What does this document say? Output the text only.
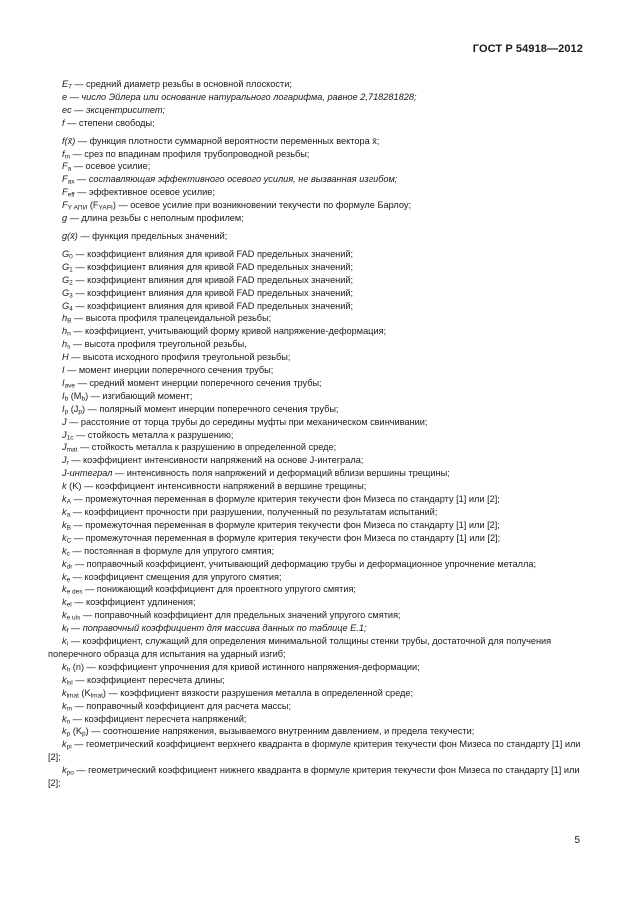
ГОСТ Р 54918—2012
$E_7$ — средний диаметр резьбы в основной плоскости;
e — число Эйлера или основание натурального логарифма, равное 2,718281828;
ec — эксцентриситет;
f — степени свободы;
f(x̄) — функция плотности суммарной вероятности переменных вектора x̄;
$f_m$ — срез по впадинам профиля трубопроводной резьбы;
$F_a$ — осевое усилие;
$F_{ax}$ — составляющая эффективного осевого усилия, не вызванная изгибом;
$F_{eff}$ — эффективное осевое усилие;
$F_{Y АПИ}$ $(F_{YAPI})$ — осевое усилие при возникновении текучести по формуле Барлоу;
g — длина резьбы с неполным профилем;
g(x̄) — функция предельных значений;
$G_0$ — коэффициент влияния для кривой FAD предельных значений;
$G_1$ — коэффициент влияния для кривой FAD предельных значений;
$G_2$ — коэффициент влияния для кривой FAD предельных значений;
$G_3$ — коэффициент влияния для кривой FAD предельных значений;
$G_4$ — коэффициент влияния для кривой FAD предельных значений;
$h_B$ — высота профиля трапецеидальной резьбы;
$h_n$ — коэффициент, учитывающий форму кривой напряжение-деформация;
$h_s$ — высота профиля треугольной резьбы,
H — высота исходного профиля треугольной резьбы;
I — момент инерции поперечного сечения трубы;
$I_{ave}$ — средний момент инерции поперечного сечения трубы;
$I_b$ $(M_b)$ — изгибающий момент;
$I_p$ $(J_p)$ — полярный момент инерции поперечного сечения трубы;
J — расстояние от торца трубы до середины муфты при механическом свинчивании;
$J_{1c}$ — стойкость металла к разрушению;
$J_{mat}$ — стойкость металла к разрушению в определенной среде;
$J_r$ — коэффициент интенсивности напряжений на основе J-интеграла;
J-интеграл — интенсивность поля напряжений и деформаций вблизи вершины трещины;
k (K) — коэффициент интенсивности напряжений в вершине трещины;
$k_A$ — промежуточная переменная в формуле критерия текучести фон Мизеса по стандарту [1] или [2];
$k_a$ — коэффициент прочности при разрушении, полученный по результатам испытаний;
$k_B$ — промежуточная переменная в формуле критерия текучести фон Мизеса по стандарту [1] или [2];
$k_C$ — промежуточная переменная в формуле критерия текучести фон Мизеса по стандарту [1] или [2];
$k_c$ — постоянная в формуле для упругого смятия;
$k_{dr}$ — поправочный коэффициент, учитывающий деформацию трубы и деформационное упрочнение металла;
$k_e$ — коэффициент смещения для упругого смятия;
$k_{e des}$ — понижающий коэффициент для проектного упругого смятия;
$k_{el}$ — коэффициент удлинения;
$k_{e uls}$ — поправочный коэффициент для предельных значений упругого смятия;
$k_f$ — поправочный коэффициент для массива данных по таблице Е.1;
$k_i$ — коэффициент, служащий для определения минимальной толщины стенки трубы, достаточной для получения поперечного образца для испытания на ударный изгиб;
$k_h$ (n) — коэффициент упрочнения для кривой истинного напряжения-деформации;
$k_{lsl}$ — коэффициент пересчета длины;
$k_{lmat}$ $(K_{lmat})$ — коэффициент вязкости разрушения металла в определенной среде;
$k_m$ — поправочный коэффициент для расчета массы;
$k_n$ — коэффициент пересчета напряжений;
$k_p$ $(K_p)$ — соотношение напряжения, вызываемого внутренним давлением, и предела текучести;
$k_{pi}$ — геометрический коэффициент верхнего квадранта в формуле критерия текучести фон Мизеса по стандарту [1] или [2];
$k_{po}$ — геометрический коэффициент нижнего квадранта в формуле критерия текучести фон Мизеса по стандарту [1] или [2];
5
